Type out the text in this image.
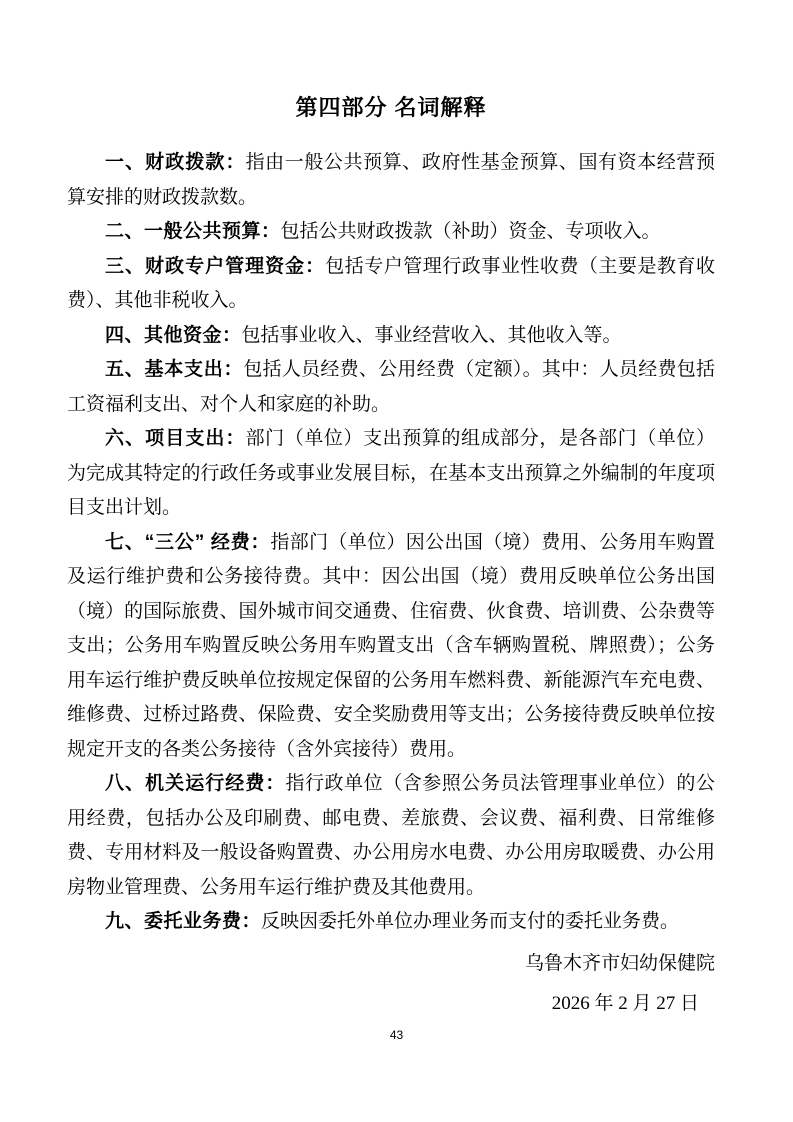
第四部分 名词解释

一、财政拨款：指由一般公共预算、政府性基金预算、国有资本经营预算安排的财政拨款数。

二、一般公共预算：包括公共财政拨款（补助）资金、专项收入。

三、财政专户管理资金：包括专户管理行政事业性收费（主要是教育收费）、其他非税收入。

四、其他资金：包括事业收入、事业经营收入、其他收入等。

五、基本支出：包括人员经费、公用经费（定额）。其中：人员经费包括工资福利支出、对个人和家庭的补助。

六、项目支出：部门（单位）支出预算的组成部分，是各部门（单位）为完成其特定的行政任务或事业发展目标，在基本支出预算之外编制的年度项目支出计划。

七、“三公” 经费：指部门（单位）因公出国（境）费用、公务用车购置及运行维护费和公务接待费。其中：因公出国（境）费用反映单位公务出国（境）的国际旅费、国外城市间交通费、住宿费、伙食费、培训费、公杂费等支出；公务用车购置反映公务用车购置支出（含车辆购置税、牌照费）；公务用车运行维护费反映单位按规定保留的公务用车燃料费、新能源汽车充电费、维修费、过桥过路费、保险费、安全奖励费用等支出；公务接待费反映单位按规定开支的各类公务接待（含外宾接待）费用。

八、机关运行经费：指行政单位（含参照公务员法管理事业单位）的公用经费，包括办公及印刷费、邮电费、差旅费、会议费、福利费、日常维修费、专用材料及一般设备购置费、办公用房水电费、办公用房取暖费、办公用房物业管理费、公务用车运行维护费及其他费用。

九、委托业务费：反映因委托外单位办理业务而支付的委托业务费。

乌鲁木齐市妇幼保健院

2026 年 2 月 27 日

43
